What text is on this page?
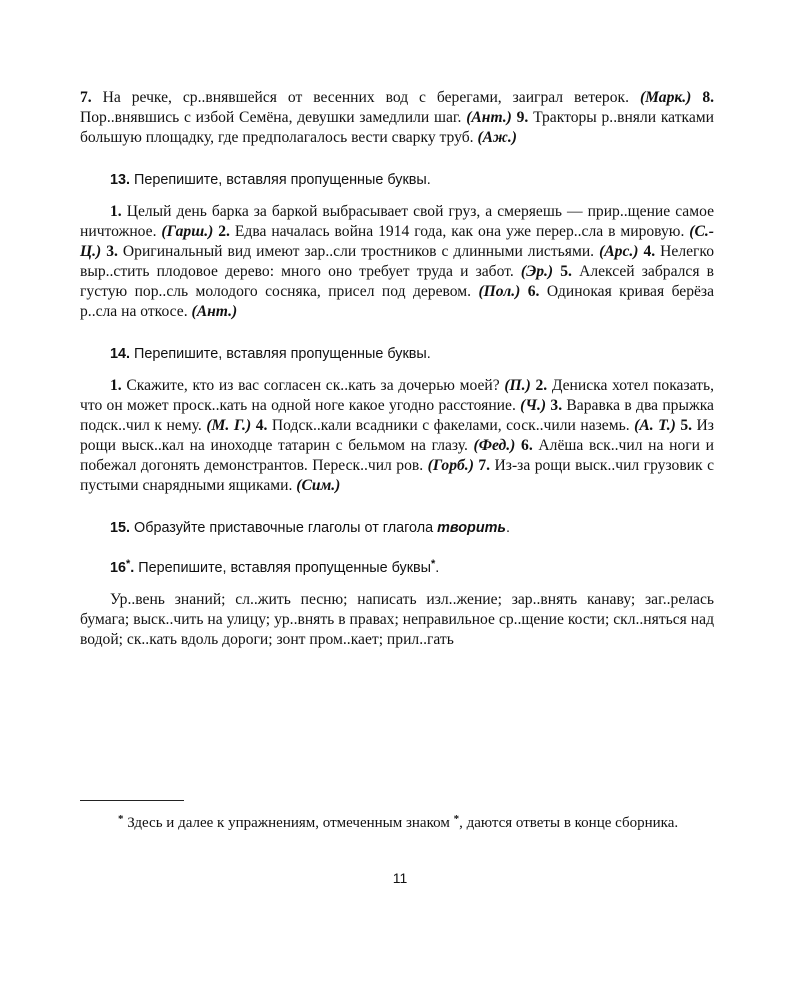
7. На речке, ср..внявшейся от весенних вод с берегами, заиграл ветерок. (Марк.) 8. Пор..внявшись с избой Семёна, девушки замедлили шаг. (Ант.) 9. Тракторы р..вняли катками большую площадку, где предполагалось вести сварку труб. (Аж.)

13. Перепишите, вставляя пропущенные буквы.

1. Целый день барка за баркой выбрасывает свой груз, а смеряешь — прир..щение самое ничтожное. (Гарш.) 2. Едва началась война 1914 года, как она уже перер..сла в мировую. (С.-Ц.) 3. Оригинальный вид имеют зар..сли тростников с длинными листьями. (Арс.) 4. Нелегко выр..стить плодовое дерево: много оно требует труда и забот. (Эр.) 5. Алексей забрался в густую пор..сль молодого сосняка, присел под деревом. (Пол.) 6. Одинокая кривая берёза р..сла на откосе. (Ант.)

14. Перепишите, вставляя пропущенные буквы.

1. Скажите, кто из вас согласен ск..кать за дочерью моей? (П.) 2. Дениска хотел показать, что он может проск..кать на одной ноге какое угодно расстояние. (Ч.) 3. Варавка в два прыжка подск..чил к нему. (М. Г.) 4. Подск..кали всадники с факелами, соск..чили наземь. (А. Т.) 5. Из рощи выск..кал на иноходце татарин с бельмом на глазу. (Фед.) 6. Алёша вск..чил на ноги и побежал догонять демонстрантов. Переск..чил ров. (Горб.) 7. Из-за рощи выск..чил грузовик с пустыми снарядными ящиками. (Сим.)

15. Образуйте приставочные глаголы от глагола творить.

16*. Перепишите, вставляя пропущенные буквы*.

Ур..вень знаний; сл..жить песню; написать изл..жение; зар..внять канаву; заг..релась бумага; выск..чить на улицу; ур..внять в правах; неправильное ср..щение кости; скл..няться над водой; ск..кать вдоль дороги; зонт пром..кает; прил..гать

* Здесь и далее к упражнениям, отмеченным знаком *, даются ответы в конце сборника.
11
